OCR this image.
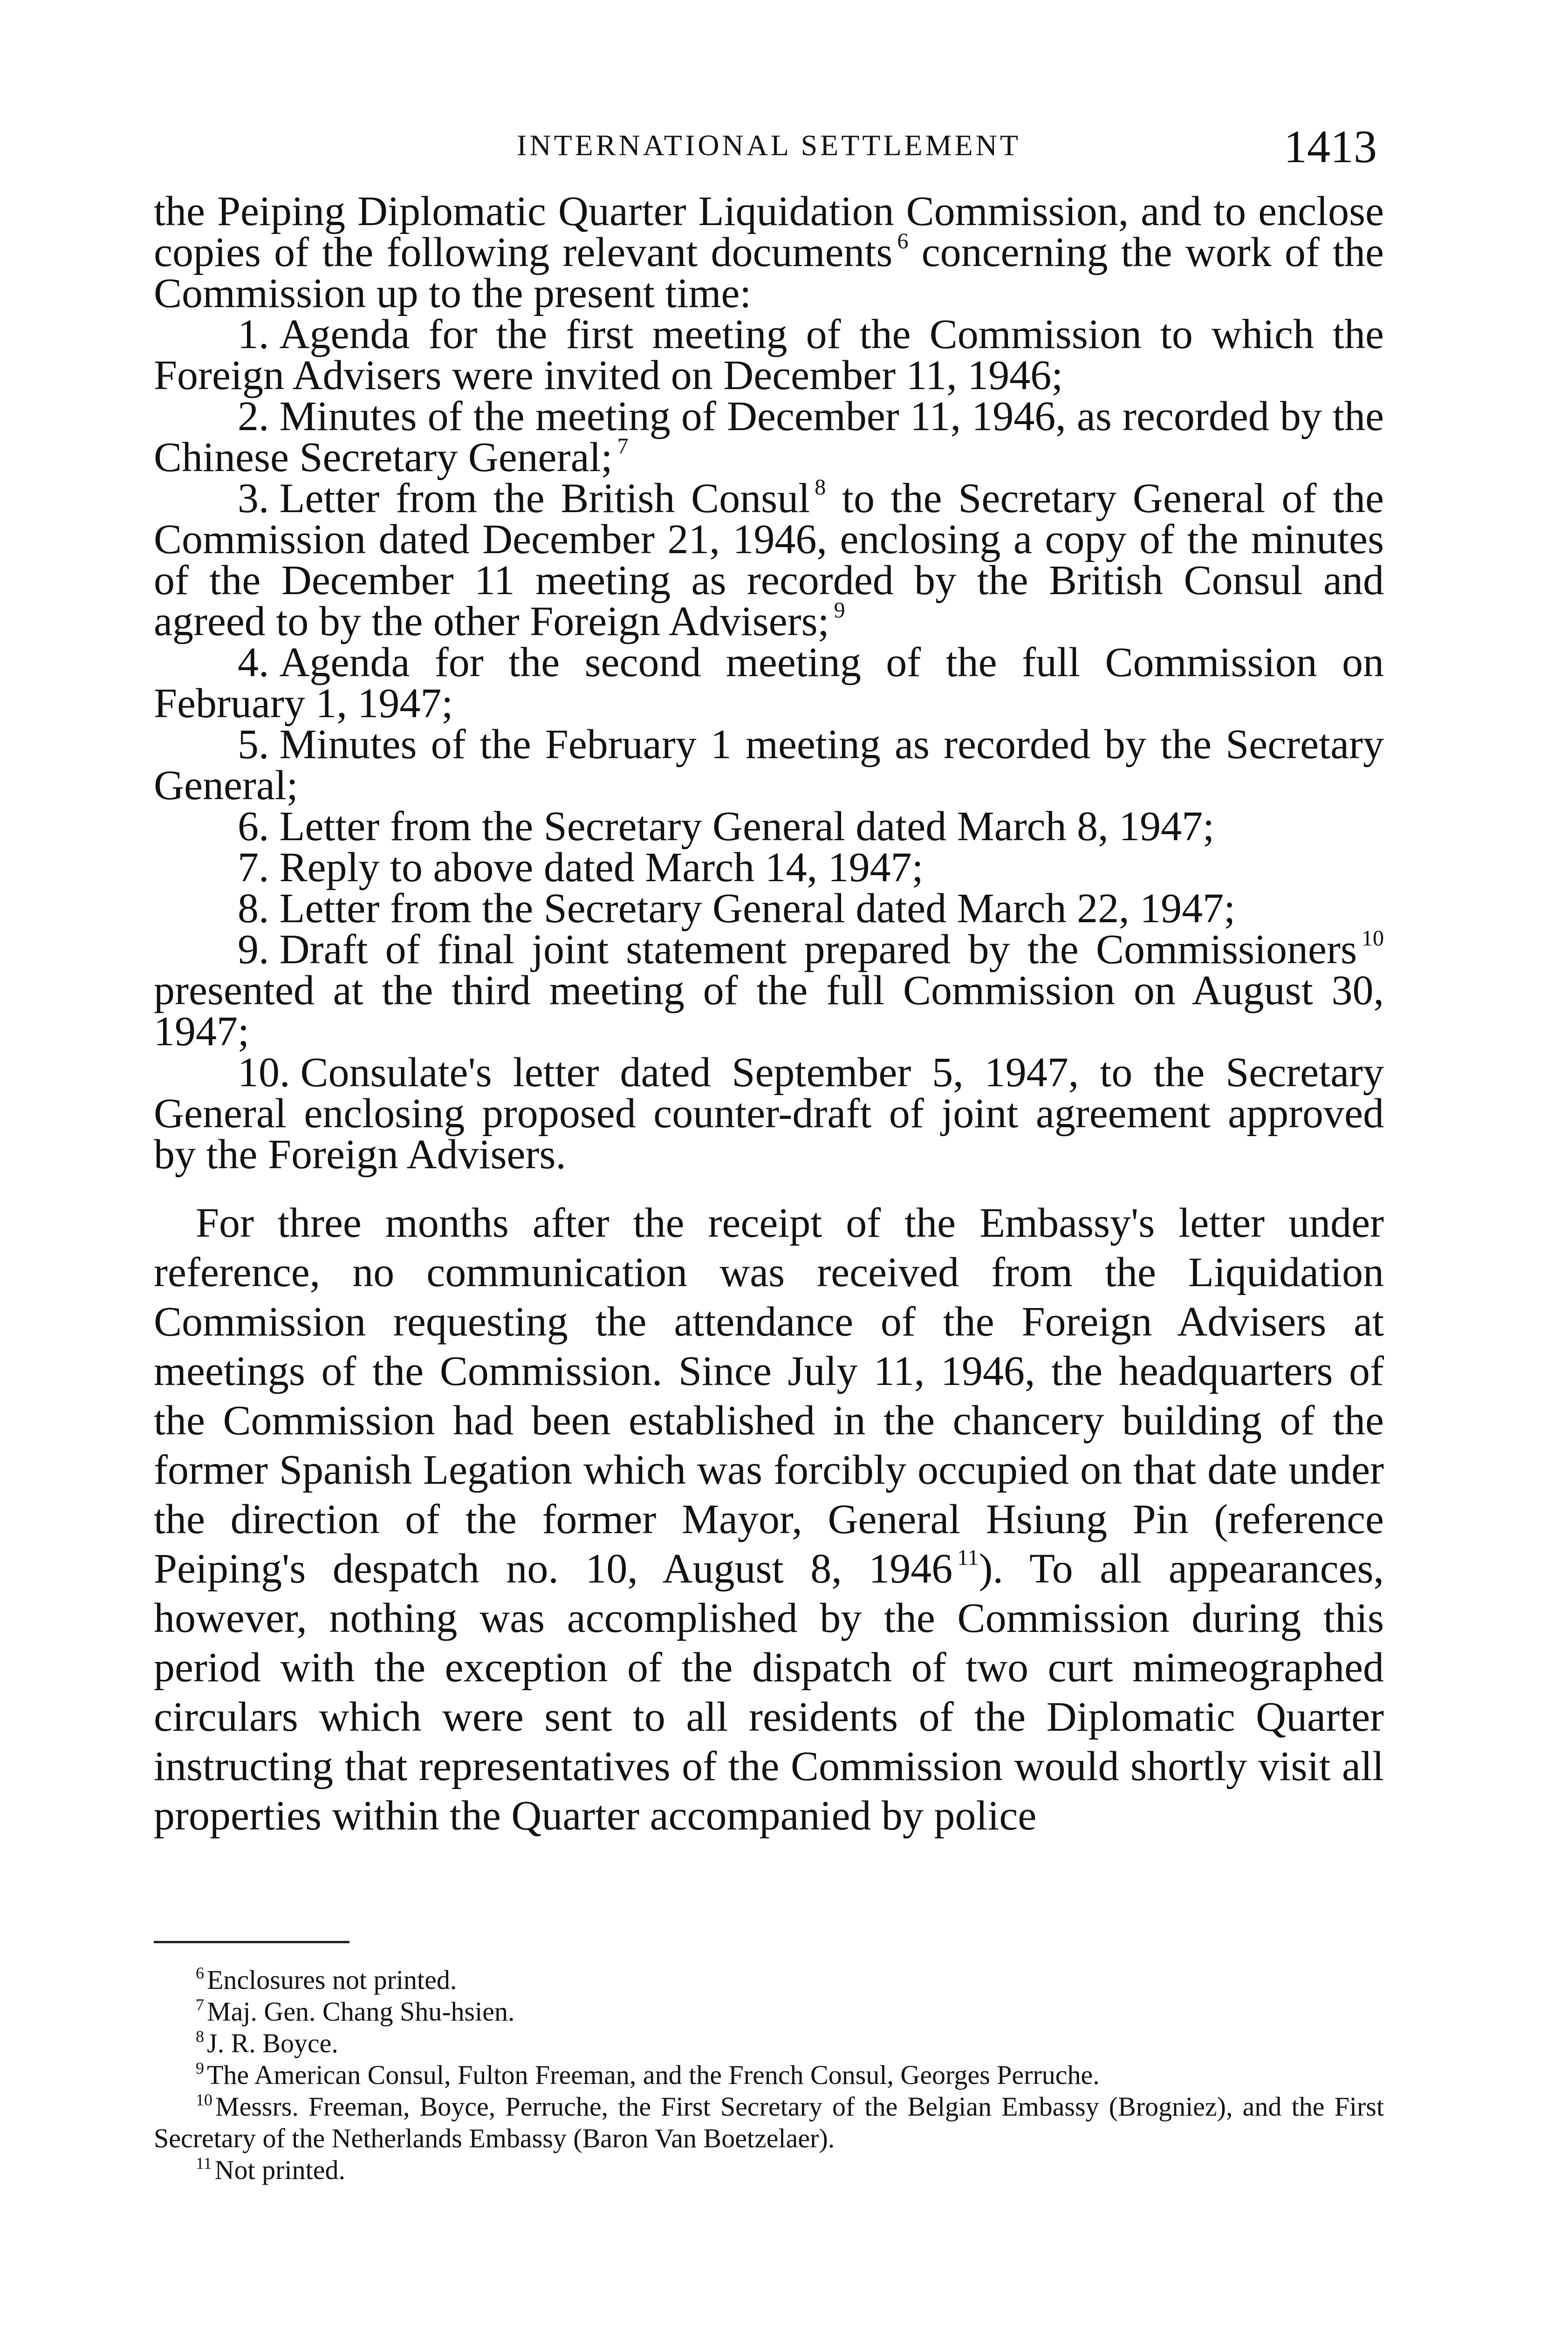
INTERNATIONAL SETTLEMENT	1413

the Peiping Diplomatic Quarter Liquidation Commission, and to enclose copies of the following relevant documents $^6$ concerning the work of the Commission up to the present time:

1. Agenda for the first meeting of the Commission to which the Foreign Advisers were invited on December 11, 1946;

2. Minutes of the meeting of December 11, 1946, as recorded by the Chinese Secretary General; $^7$

3. Letter from the British Consul $^8$ to the Secretary General of the Commission dated December 21, 1946, enclosing a copy of the minutes of the December 11 meeting as recorded by the British Consul and agreed to by the other Foreign Advisers; $^9$

4. Agenda for the second meeting of the full Commission on February 1, 1947;

5. Minutes of the February 1 meeting as recorded by the Secretary General;

6. Letter from the Secretary General dated March 8, 1947;

7. Reply to above dated March 14, 1947;

8. Letter from the Secretary General dated March 22, 1947;

9. Draft of final joint statement prepared by the Commissioners $^{10}$ presented at the third meeting of the full Commission on August 30, 1947;

10. Consulate's letter dated September 5, 1947, to the Secretary General enclosing proposed counter-draft of joint agreement approved by the Foreign Advisers.

For three months after the receipt of the Embassy's letter under reference, no communication was received from the Liquidation Commission requesting the attendance of the Foreign Advisers at meetings of the Commission. Since July 11, 1946, the headquarters of the Commission had been established in the chancery building of the former Spanish Legation which was forcibly occupied on that date under the direction of the former Mayor, General Hsiung Pin (reference Peiping's despatch no. 10, August 8, 1946 $^{11}$). To all appearances, however, nothing was accomplished by the Commission during this period with the exception of the dispatch of two curt mimeographed circulars which were sent to all residents of the Diplomatic Quarter instructing that representatives of the Commission would shortly visit all properties within the Quarter accompanied by police

$^6$ Enclosures not printed.

$^7$ Maj. Gen. Chang Shu-hsien.

$^8$ J. R. Boyce.

$^9$ The American Consul, Fulton Freeman, and the French Consul, Georges Perruche.

$^{10}$ Messrs. Freeman, Boyce, Perruche, the First Secretary of the Belgian Embassy (Brogniez), and the First Secretary of the Netherlands Embassy (Baron Van Boetzelaer).

$^{11}$ Not printed.
